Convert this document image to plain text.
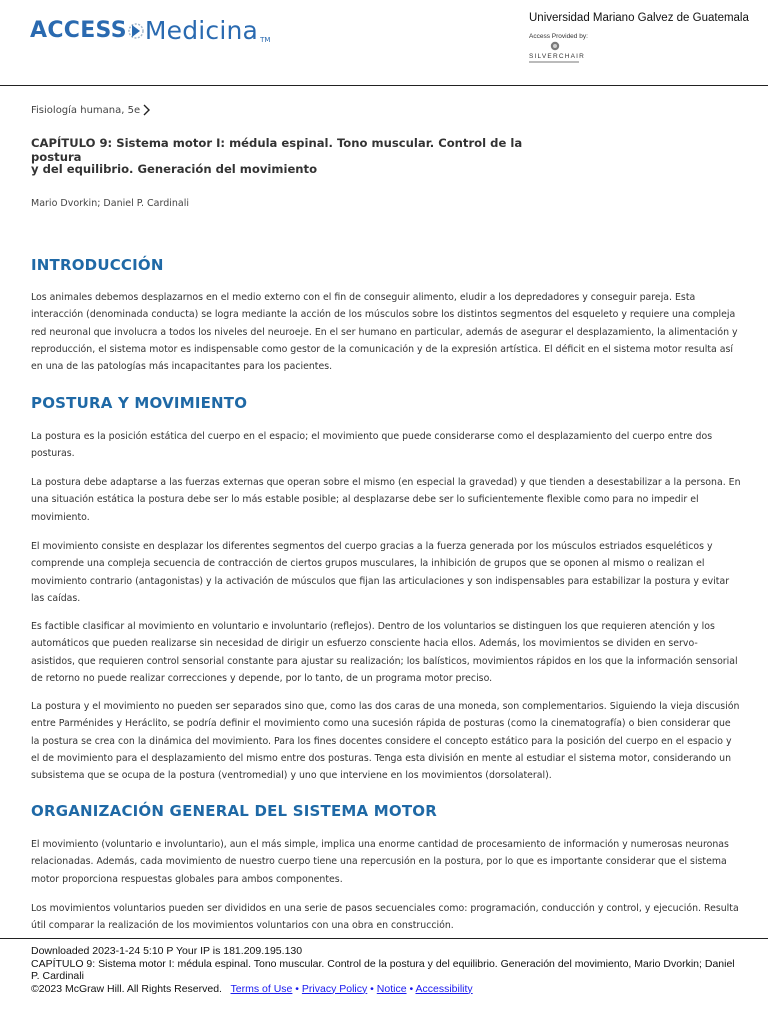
ACCESS Medicina TM
Universidad Mariano Galvez de Guatemala
Access Provided by:
SILVERCHAIR
Fisiología humana, 5e
CAPÍTULO 9: Sistema motor I: médula espinal. Tono muscular. Control de la postura
y del equilibrio. Generación del movimiento
Mario Dvorkin; Daniel P. Cardinali
INTRODUCCIÓN
Los animales debemos desplazarnos en el medio externo con el fin de conseguir alimento, eludir a los depredadores y conseguir pareja. Esta interacción (denominada conducta) se logra mediante la acción de los músculos sobre los distintos segmentos del esqueleto y requiere una compleja red neuronal que involucra a todos los niveles del neuroeje. En el ser humano en particular, además de asegurar el desplazamiento, la alimentación y reproducción, el sistema motor es indispensable como gestor de la comunicación y de la expresión artística. El déficit en el sistema motor resulta así en una de las patologías más incapacitantes para los pacientes.
POSTURA Y MOVIMIENTO
La postura es la posición estática del cuerpo en el espacio; el movimiento que puede considerarse como el desplazamiento del cuerpo entre dos posturas.
La postura debe adaptarse a las fuerzas externas que operan sobre el mismo (en especial la gravedad) y que tienden a desestabilizar a la persona. En una situación estática la postura debe ser lo más estable posible; al desplazarse debe ser lo suficientemente flexible como para no impedir el movimiento.
El movimiento consiste en desplazar los diferentes segmentos del cuerpo gracias a la fuerza generada por los músculos estriados esqueléticos y comprende una compleja secuencia de contracción de ciertos grupos musculares, la inhibición de grupos que se oponen al mismo o realizan el movimiento contrario (antagonistas) y la activación de músculos que fijan las articulaciones y son indispensables para estabilizar la postura y evitar las caídas.
Es factible clasificar al movimiento en voluntario e involuntario (reflejos). Dentro de los voluntarios se distinguen los que requieren atención y los automáticos que pueden realizarse sin necesidad de dirigir un esfuerzo consciente hacia ellos. Además, los movimientos se dividen en servo-asistidos, que requieren control sensorial constante para ajustar su realización; los balísticos, movimientos rápidos en los que la información sensorial de retorno no puede realizar correcciones y depende, por lo tanto, de un programa motor preciso.
La postura y el movimiento no pueden ser separados sino que, como las dos caras de una moneda, son complementarios. Siguiendo la vieja discusión entre Parménides y Heráclito, se podría definir el movimiento como una sucesión rápida de posturas (como la cinematografía) o bien considerar que la postura se crea con la dinámica del movimiento. Para los fines docentes considere el concepto estático para la posición del cuerpo en el espacio y el de movimiento para el desplazamiento del mismo entre dos posturas. Tenga esta división en mente al estudiar el sistema motor, considerando un subsistema que se ocupa de la postura (ventromedial) y uno que interviene en los movimientos (dorsolateral).
ORGANIZACIÓN GENERAL DEL SISTEMA MOTOR
El movimiento (voluntario e involuntario), aun el más simple, implica una enorme cantidad de procesamiento de información y numerosas neuronas relacionadas. Además, cada movimiento de nuestro cuerpo tiene una repercusión en la postura, por lo que es importante considerar que el sistema motor proporciona respuestas globales para ambos componentes.
Los movimientos voluntarios pueden ser divididos en una serie de pasos secuenciales como: programación, conducción y control, y ejecución. Resulta útil comparar la realización de los movimientos voluntarios con una obra en construcción.
Downloaded 2023-1-24 5:10 P Your IP is 181.209.195.130
CAPÍTULO 9: Sistema motor I: médula espinal. Tono muscular. Control de la postura y del equilibrio. Generación del movimiento, Mario Dvorkin; Daniel P. Cardinali
©2023 McGraw Hill. All Rights Reserved. Terms of Use • Privacy Policy • Notice • Accessibility
